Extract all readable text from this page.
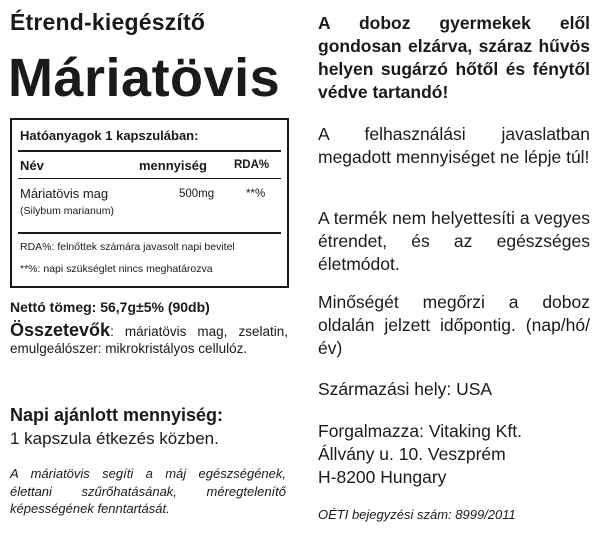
Étrend-kiegészítő
Máriatövis
Hatóanyagok 1 kapszulában:
Név	mennyiség RDA%
Máriatövis mag
(Silybum marianum)
500mg	**%
RDA%: felnőttek számára javasolt napi bevitel
**%: napi szükséglet nincs meghatározva
Nettó tömeg: 56,7g±5% (90db)
Összetevők: máriatövis mag, zselatin, emulgeálószer: mikrokristályos cellulóz.
Napi ajánlott mennyiség:
1 kapszula étkezés közben.
A máriatövis segíti a máj egészségének, élettani szűrőhatásának, méregtelenítő képességének fenntartását.
A doboz gyermekek elől gondosan elzárva, száraz hűvös helyen sugárzó hőtől és fénytől védve tartandó!
A felhasználási javaslatban megadott mennyiséget ne lépje túl!
A termék nem helyettesíti a vegyes étrendet, és az egészséges életmódot.
Minőségét megőrzi a doboz oldalán jelzett időpontig. (nap/hó/év)
Származási hely: USA
Forgalmazza: Vitaking Kft.
Állvány u. 10. Veszprém
H-8200 Hungary
OÉTI bejegyzési szám: 8999/2011
